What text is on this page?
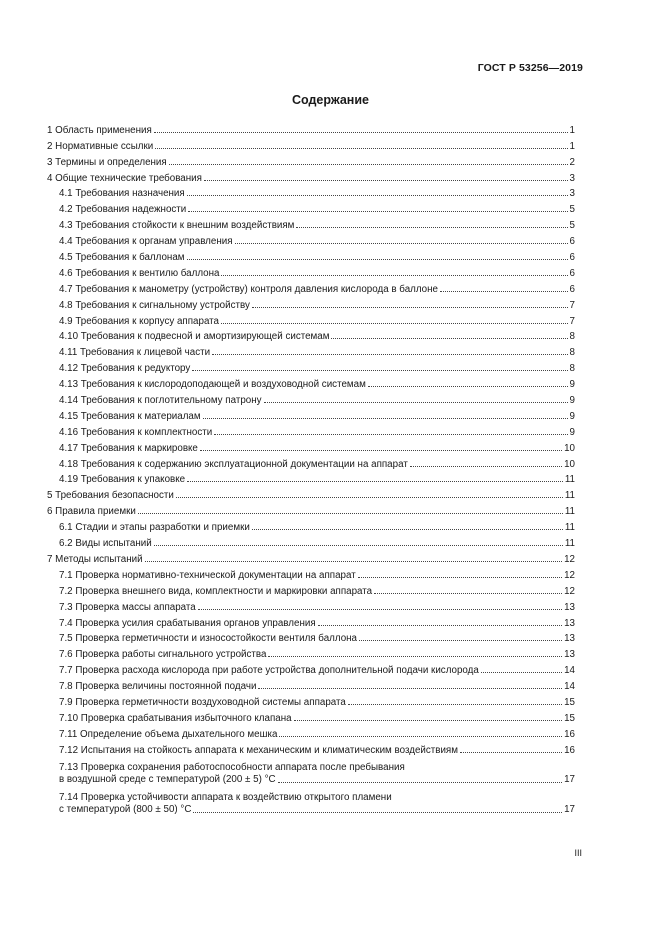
ГОСТ Р 53256—2019
Содержание
1 Область применения	1
2 Нормативные ссылки	1
3 Термины и определения	2
4 Общие технические требования	3
4.1 Требования назначения	3
4.2 Требования надежности	5
4.3 Требования стойкости к внешним воздействиям	5
4.4 Требования к органам управления	6
4.5 Требования к баллонам	6
4.6 Требования к вентилю баллона	6
4.7 Требования к манометру (устройству) контроля давления кислорода в баллоне	6
4.8 Требования к сигнальному устройству	7
4.9 Требования к корпусу аппарата	7
4.10 Требования к подвесной и амортизирующей системам	8
4.11 Требования к лицевой части	8
4.12 Требования к редуктору	8
4.13 Требования к кислородоподающей и воздуховодной системам	9
4.14 Требования к поглотительному патрону	9
4.15 Требования к материалам	9
4.16 Требования к комплектности	9
4.17 Требования к маркировке	10
4.18 Требования к содержанию эксплуатационной документации на аппарат	10
4.19 Требования к упаковке	11
5 Требования безопасности	11
6 Правила приемки	11
6.1 Стадии и этапы разработки и приемки	11
6.2 Виды испытаний	11
7 Методы испытаний	12
7.1 Проверка нормативно-технической документации на аппарат	12
7.2 Проверка внешнего вида, комплектности и маркировки аппарата	12
7.3 Проверка массы аппарата	13
7.4 Проверка усилия срабатывания органов управления	13
7.5 Проверка герметичности и износостойкости вентиля баллона	13
7.6 Проверка работы сигнального устройства	13
7.7 Проверка расхода кислорода при работе устройства дополнительной подачи кислорода	14
7.8 Проверка величины постоянной подачи	14
7.9 Проверка герметичности воздуховодной системы аппарата	15
7.10 Проверка срабатывания избыточного клапана	15
7.11 Определение объема дыхательного мешка	16
7.12 Испытания на стойкость аппарата к механическим и климатическим воздействиям	16
7.13 Проверка сохранения работоспособности аппарата после пребывания
в воздушной среде с температурой (200 ± 5) °С	17
7.14 Проверка устойчивости аппарата к воздействию открытого пламени
с температурой (800 ± 50) °С	17
III
